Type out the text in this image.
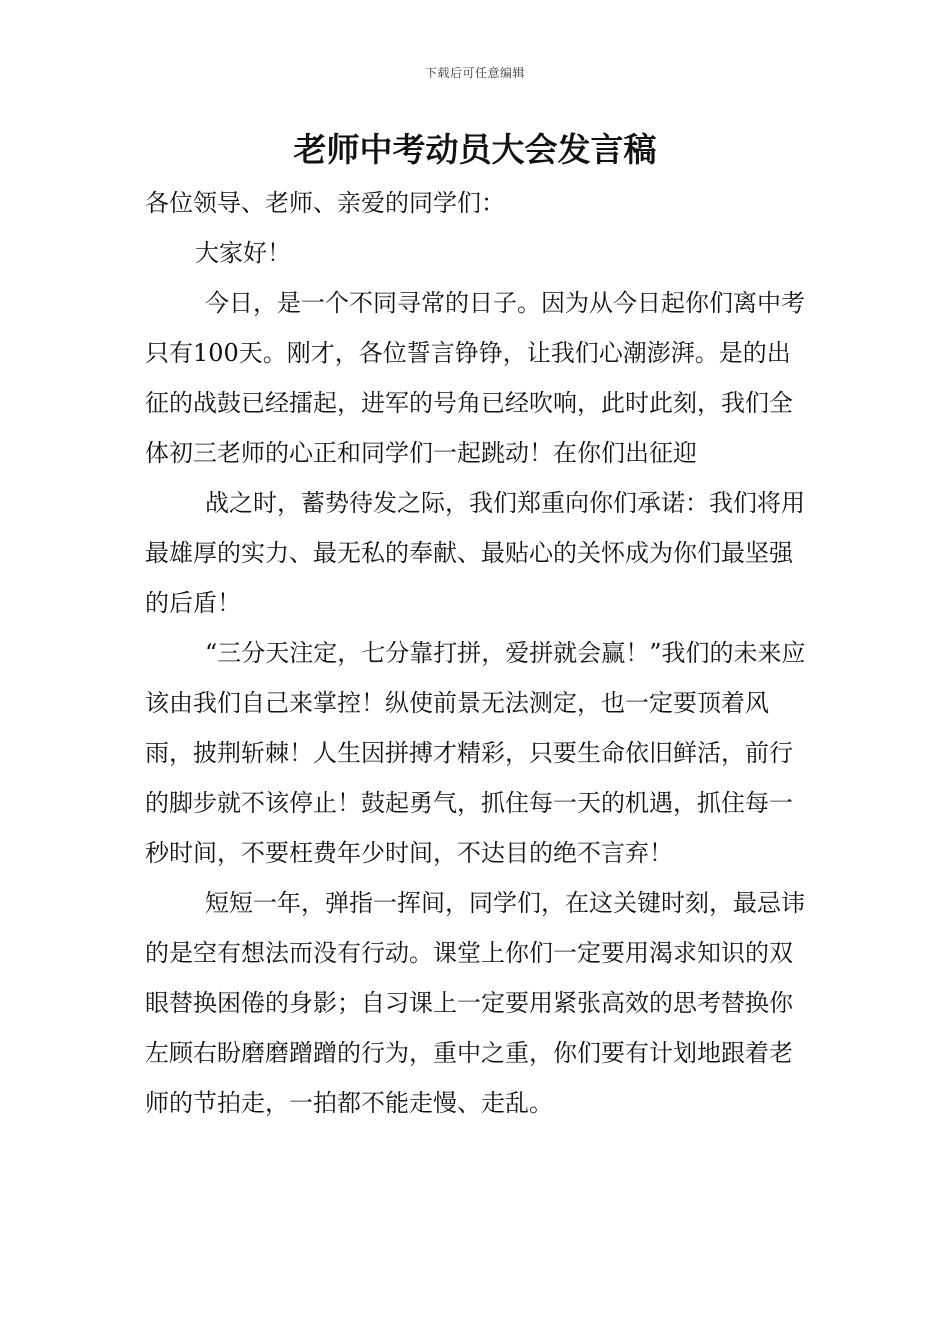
下载后可任意编辑
老师中考动员大会发言稿

各位领导、老师、亲爱的同学们：

大家好！

今日，是一个不同寻常的日子。因为从今日起你们离中考只有100天。刚才，各位誓言铮铮，让我们心潮澎湃。是的出征的战鼓已经擂起，进军的号角已经吹响，此时此刻，我们全体初三老师的心正和同学们一起跳动！在你们出征迎

战之时，蓄势待发之际，我们郑重向你们承诺：我们将用最雄厚的实力、最无私的奉献、最贴心的关怀成为你们最坚强的后盾！

“三分天注定，七分靠打拼，爱拼就会赢！”我们的未来应该由我们自己来掌控！纵使前景无法测定，也一定要顶着风雨，披荆斩棘！人生因拼搏才精彩，只要生命依旧鲜活，前行的脚步就不该停止！鼓起勇气，抓住每一天的机遇，抓住每一秒时间，不要枉费年少时间，不达目的绝不言弃！

短短一年，弹指一挥间，同学们，在这关键时刻，最忌讳的是空有想法而没有行动。课堂上你们一定要用渴求知识的双眼替换困倦的身影；自习课上一定要用紧张高效的思考替换你左顾右盼磨磨蹭蹭的行为，重中之重，你们要有计划地跟着老师的节拍走，一拍都不能走慢、走乱。
